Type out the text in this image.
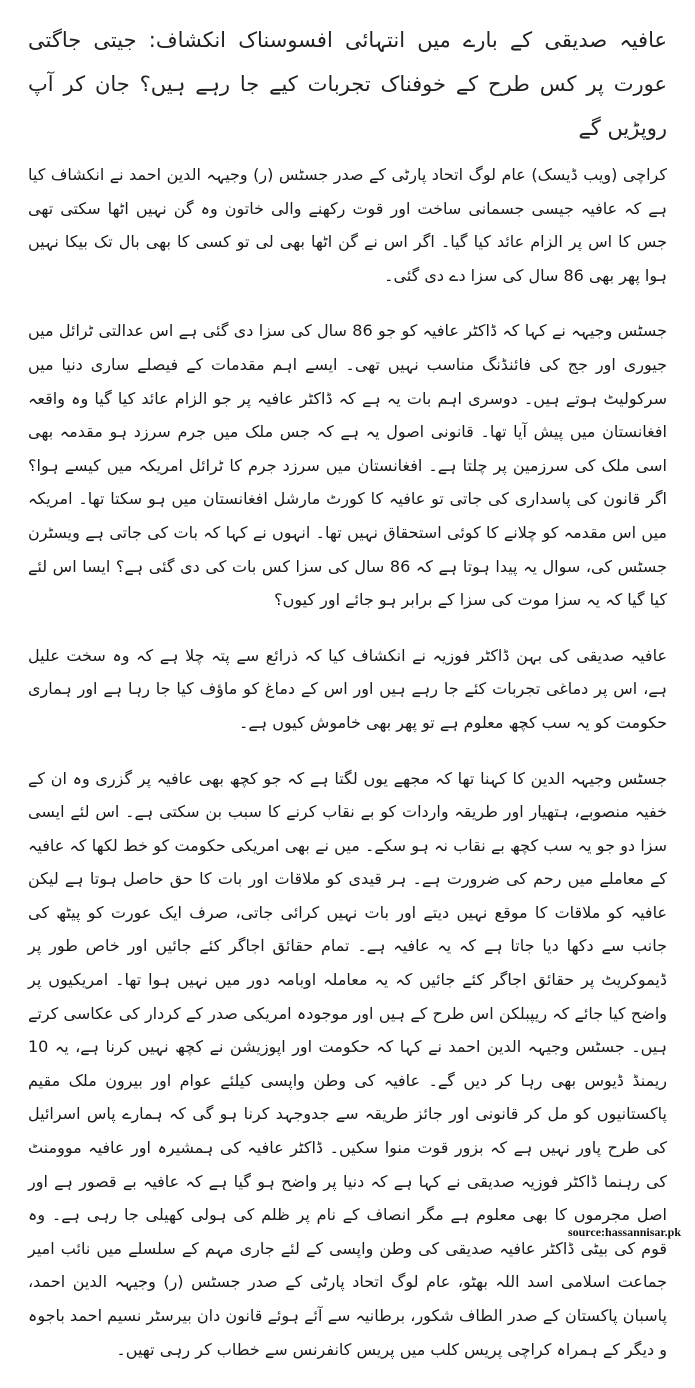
عافیہ صدیقی کے بارے میں انتہائی افسوسناک انکشاف: جیتی جاگتی عورت پر کس طرح کے خوفناک تجربات کیے جا رہے ہیں؟ جان کر آپ روپڑیں گے

کراچی (ویب ڈیسک) عام لوگ اتحاد پارٹی کے صدر جسٹس (ر) وجیہہ الدین احمد نے انکشاف کیا ہے کہ عافیہ جیسی جسمانی ساخت اور قوت رکھنے والی خاتون وہ گن نہیں اٹھا سکتی تھی جس کا اس پر الزام عائد کیا گیا۔ اگر اس نے گن اٹھا بھی لی تو کسی کا بھی بال تک بیکا نہیں ہوا پھر بھی 86 سال کی سزا دے دی گئی۔

جسٹس وجیہہ نے کہا کہ ڈاکٹر عافیہ کو جو 86 سال کی سزا دی گئی ہے اس عدالتی ٹرائل میں جیوری اور جج کی فائنڈنگ مناسب نہیں تھی۔ ایسے اہم مقدمات کے فیصلے ساری دنیا میں سرکولیٹ ہوتے ہیں۔ دوسری اہم بات یہ ہے کہ ڈاکٹر عافیہ پر جو الزام عائد کیا گیا وہ واقعہ افغانستان میں پیش آیا تھا۔ قانونی اصول یہ ہے کہ جس ملک میں جرم سرزد ہو مقدمہ بھی اسی ملک کی سرزمین پر چلتا ہے۔ افغانستان میں سرزد جرم کا ٹرائل امریکہ میں کیسے ہوا؟ اگر قانون کی پاسداری کی جاتی تو عافیہ کا کورٹ مارشل افغانستان میں ہو سکتا تھا۔ امریکہ میں اس مقدمہ کو چلانے کا کوئی استحقاق نہیں تھا۔ انہوں نے کہا کہ بات کی جاتی ہے ویسٹرن جسٹس کی، سوال یہ پیدا ہوتا ہے کہ 86 سال کی سزا کس بات کی دی گئی ہے؟ ایسا اس لئے کیا گیا کہ یہ سزا موت کی سزا کے برابر ہو جائے اور کیوں؟

عافیہ صدیقی کی بہن ڈاکٹر فوزیہ نے انکشاف کیا کہ ذرائع سے پتہ چلا ہے کہ وہ سخت علیل ہے، اس پر دماغی تجربات کئے جا رہے ہیں اور اس کے دماغ کو ماؤف کیا جا رہا ہے اور ہماری حکومت کو یہ سب کچھ معلوم ہے تو پھر بھی خاموش کیوں ہے۔

جسٹس وجیہہ الدین کا کہنا تھا کہ مجھے یوں لگتا ہے کہ جو کچھ بھی عافیہ پر گزری وہ ان کے خفیہ منصوبے، ہتھیار اور طریقہ واردات کو بے نقاب کرنے کا سبب بن سکتی ہے۔ اس لئے ایسی سزا دو جو یہ سب کچھ بے نقاب نہ ہو سکے۔ میں نے بھی امریکی حکومت کو خط لکھا کہ عافیہ کے معاملے میں رحم کی ضرورت ہے۔ ہر قیدی کو ملاقات اور بات کا حق حاصل ہوتا ہے لیکن عافیہ کو ملاقات کا موقع نہیں دیتے اور بات نہیں کرائی جاتی، صرف ایک عورت کو پیٹھ کی جانب سے دکھا دیا جاتا ہے کہ یہ عافیہ ہے۔ تمام حقائق اجاگر کئے جائیں اور خاص طور پر ڈیموکریٹ پر حقائق اجاگر کئے جائیں کہ یہ معاملہ اوبامہ دور میں نہیں ہوا تھا۔ امریکیوں پر واضح کیا جائے کہ ریپبلکن اس طرح کے ہیں اور موجودہ امریکی صدر کے کردار کی عکاسی کرتے ہیں۔ جسٹس وجیہہ الدین احمد نے کہا کہ حکومت اور اپوزیشن نے کچھ نہیں کرنا ہے، یہ 10 ریمنڈ ڈیوس بھی رہا کر دیں گے۔ عافیہ کی وطن واپسی کیلئے عوام اور بیرون ملک مقیم پاکستانیوں کو مل کر قانونی اور جائز طریقہ سے جدوجہد کرنا ہو گی کہ ہمارے پاس اسرائیل کی طرح پاور نہیں ہے کہ بزور قوت منوا سکیں۔ ڈاکٹر عافیہ کی ہمشیرہ اور عافیہ موومنٹ کی رہنما ڈاکٹر فوزیہ صدیقی نے کہا ہے کہ دنیا پر واضح ہو گیا ہے کہ عافیہ بے قصور ہے اور اصل مجرموں کا بھی معلوم ہے مگر انصاف کے نام پر ظلم کی ہولی کھیلی جا رہی ہے۔ وہ قوم کی بیٹی ڈاکٹر عافیہ صدیقی کی وطن واپسی کے لئے جاری مہم کے سلسلے میں نائب امیر جماعت اسلامی اسد اللہ بھٹو، عام لوگ اتحاد پارٹی کے صدر جسٹس (ر) وجیہہ الدین احمد، پاسبان پاکستان کے صدر الطاف شکور، برطانیہ سے آئے ہوئے قانون دان بیرسٹر نسیم احمد باجوہ و دیگر کے ہمراہ کراچی پریس کلب میں پریس کانفرنس سے خطاب کر رہی تھیں۔

source:hassannisar.pk
